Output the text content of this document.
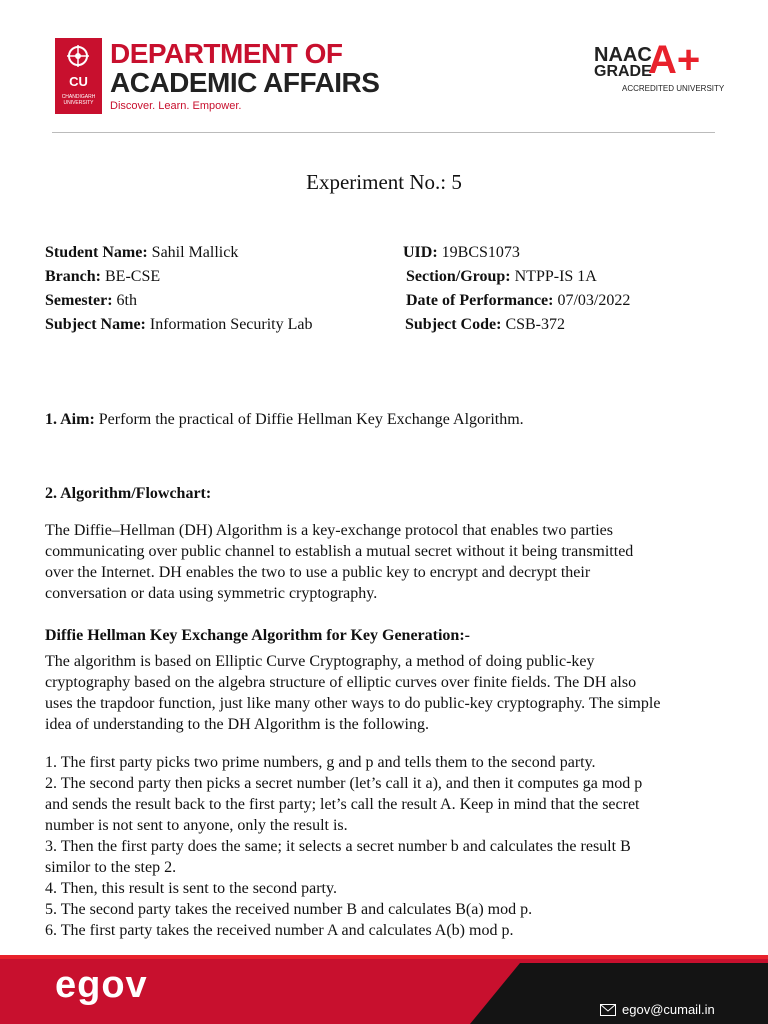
CU
CHANDIGARH UNIVERSITY
DEPARTMENT OF
ACADEMIC AFFAIRS
Discover. Learn. Empower.
NAAC
GRADE
A+
ACCREDITED UNIVERSITY
Experiment No.: 5
Student Name: Sahil Mallick	UID: 19BCS1073
Branch: BE-CSE	Section/Group: NTPP-IS 1A
Semester: 6th	Date of Performance: 07/03/2022
Subject Name: Information Security Lab	Subject Code: CSB-372
1. Aim: Perform the practical of Diffie Hellman Key Exchange Algorithm.
2. Algorithm/Flowchart:
The Diffie–Hellman (DH) Algorithm is a key-exchange protocol that enables two parties
communicating over public channel to establish a mutual secret without it being transmitted
over the Internet. DH enables the two to use a public key to encrypt and decrypt their
conversation or data using symmetric cryptography.
Diffie Hellman Key Exchange Algorithm for Key Generation:-
The algorithm is based on Elliptic Curve Cryptography, a method of doing public-key
cryptography based on the algebra structure of elliptic curves over finite fields. The DH also
uses the trapdoor function, just like many other ways to do public-key cryptography. The simple
idea of understanding to the DH Algorithm is the following.
1. The first party picks two prime numbers, g and p and tells them to the second party.
2. The second party then picks a secret number (let’s call it a), and then it computes ga mod p
and sends the result back to the first party; let’s call the result A. Keep in mind that the secret
number is not sent to anyone, only the result is.
3. Then the first party does the same; it selects a secret number b and calculates the result B
similor to the step 2.
4. Then, this result is sent to the second party.
5. The second party takes the received number B and calculates B(a) mod p.
6. The first party takes the received number A and calculates A(b) mod p.
egov
egov@cumail.in
